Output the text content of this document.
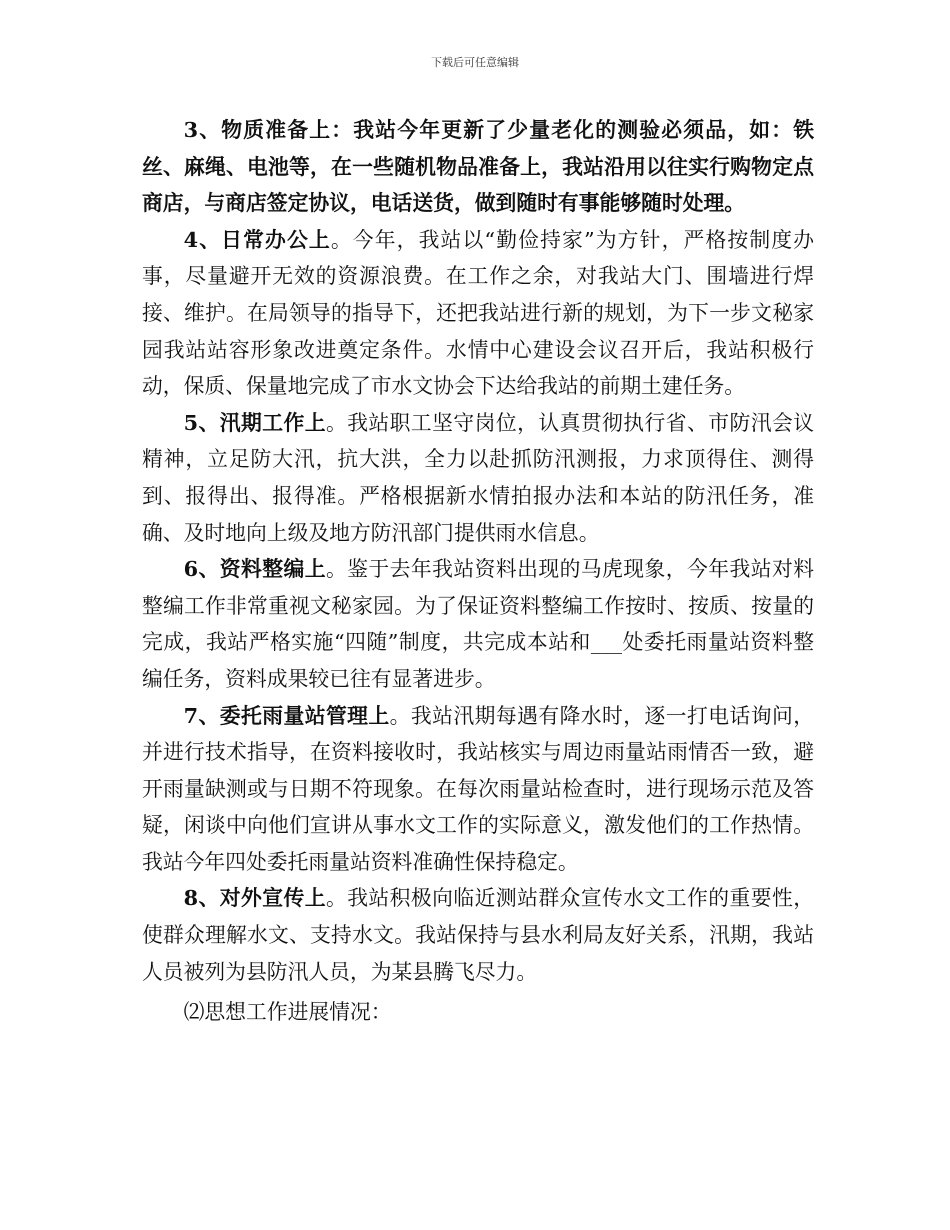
下载后可任意编辑

3、物质准备上：我站今年更新了少量老化的测验必须品，如：铁丝、麻绳、电池等，在一些随机物品准备上，我站沿用以往实行购物定点商店，与商店签定协议，电话送货，做到随时有事能够随时处理。

4、日常办公上。今年，我站以“勤俭持家”为方针，严格按制度办事，尽量避开无效的资源浪费。在工作之余，对我站大门、围墙进行焊接、维护。在局领导的指导下，还把我站进行新的规划，为下一步文秘家园我站站容形象改进奠定条件。水情中心建设会议召开后，我站积极行动，保质、保量地完成了市水文协会下达给我站的前期土建任务。

5、汛期工作上。我站职工坚守岗位，认真贯彻执行省、市防汛会议精神，立足防大汛，抗大洪，全力以赴抓防汛测报，力求顶得住、测得到、报得出、报得准。严格根据新水情拍报办法和本站的防汛任务，准确、及时地向上级及地方防汛部门提供雨水信息。

6、资料整编上。鉴于去年我站资料出现的马虎现象，今年我站对料整编工作非常重视文秘家园。为了保证资料整编工作按时、按质、按量的完成，我站严格实施“四随”制度，共完成本站和___处委托雨量站资料整编任务，资料成果较已往有显著进步。

7、委托雨量站管理上。我站汛期每遇有降水时，逐一打电话询问，并进行技术指导，在资料接收时，我站核实与周边雨量站雨情否一致，避开雨量缺测或与日期不符现象。在每次雨量站检查时，进行现场示范及答疑，闲谈中向他们宣讲从事水文工作的实际意义，激发他们的工作热情。我站今年四处委托雨量站资料准确性保持稳定。

8、对外宣传上。我站积极向临近测站群众宣传水文工作的重要性，使群众理解水文、支持水文。我站保持与县水利局友好关系，汛期，我站人员被列为县防汛人员，为某县腾飞尽力。

⑵思想工作进展情况：
